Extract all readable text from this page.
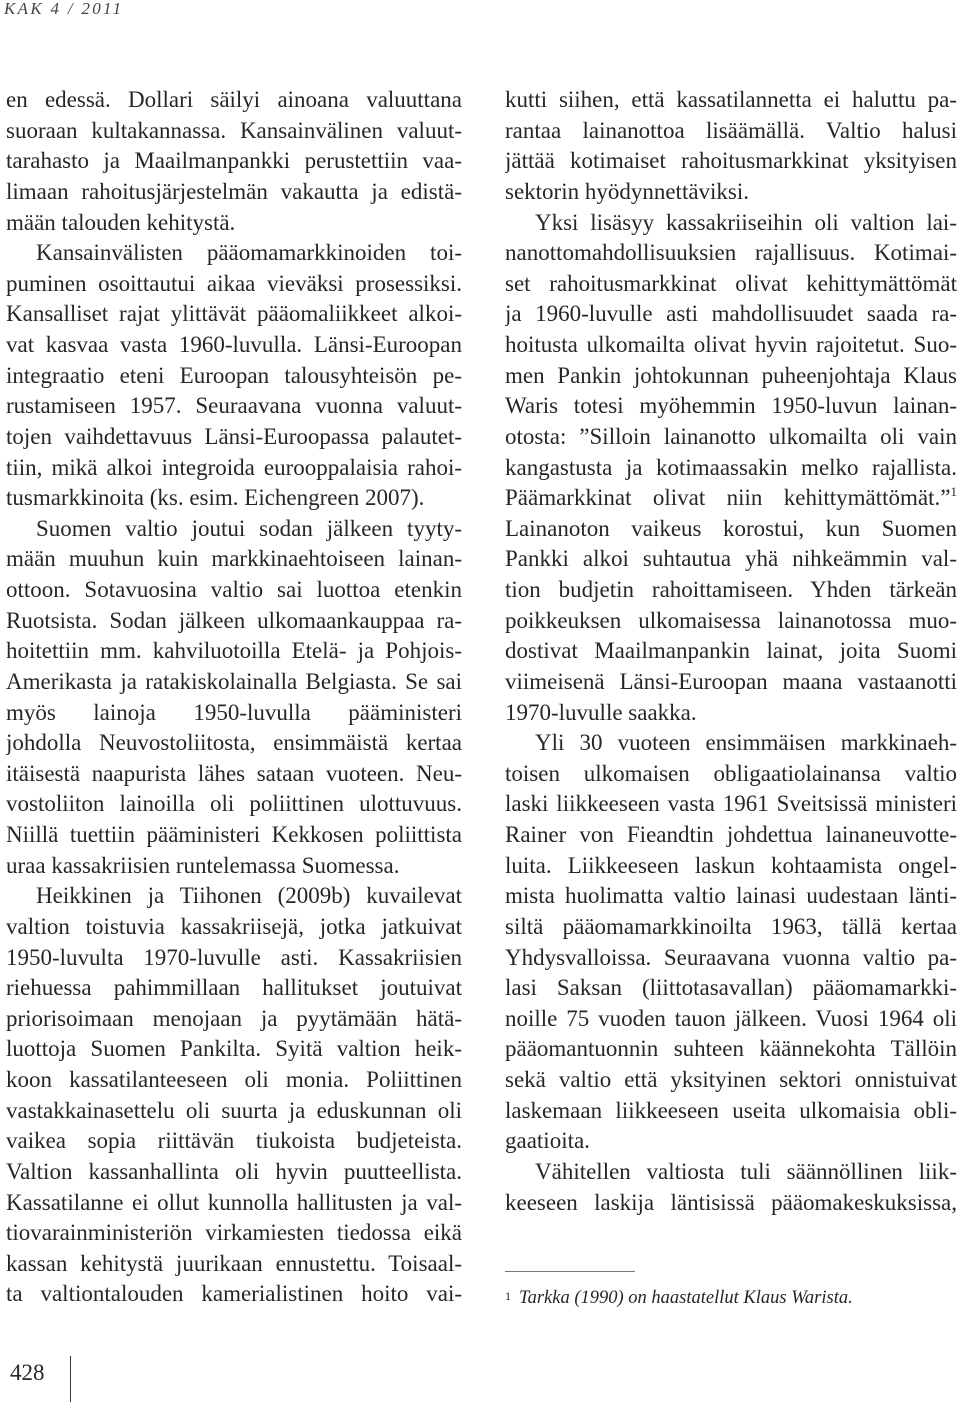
KAK 4 / 2011
en edessä. Dollari säilyi ainoana valuuttana
suoraan kultakannassa. Kansainvälinen valuut-
tarahasto ja Maailmanpankki perustettiin vaa-
limaan rahoitusjärjestelmän vakautta ja edistä-
mään talouden kehitystä.
Kansainvälisten pääomamarkkinoiden toi-
puminen osoittautui aikaa vieväksi prosessiksi.
Kansalliset rajat ylittävät pääomaliikkeet alkoi-
vat kasvaa vasta 1960-luvulla. Länsi-Euroopan
integraatio eteni Euroopan talousyhteisön pe-
rustamiseen 1957. Seuraavana vuonna valuut-
tojen vaihdettavuus Länsi-Euroopassa palautet-
tiin, mikä alkoi integroida eurooppalaisia rahoi-
tusmarkkinoita (ks. esim. Eichengreen 2007).
Suomen valtio joutui sodan jälkeen tyyty-
mään muuhun kuin markkinaehtoiseen lainan-
ottoon. Sotavuosina valtio sai luottoa etenkin
Ruotsista. Sodan jälkeen ulkomaankauppaa ra-
hoitettiin mm. kahviluotoilla Etelä- ja Pohjois-
Amerikasta ja ratakiskolainalla Belgiasta. Se sai
myös lainoja 1950-luvulla pääministeri
johdolla Neuvostoliitosta, ensimmäistä kertaa
itäisestä naapurista lähes sataan vuoteen. Neu-
vostoliiton lainoilla oli poliittinen ulottuvuus.
Niillä tuettiin pääministeri Kekkosen poliittista
uraa kassakriisien runtelemassa Suomessa.
Heikkinen ja Tiihonen (2009b) kuvailevat
valtion toistuvia kassakriisejä, jotka jatkuivat
1950-luvulta 1970-luvulle asti. Kassakriisien
riehuessa pahimmillaan hallitukset joutuivat
priorisoimaan menojaan ja pyytämään hätä-
luottoja Suomen Pankilta. Syitä valtion heik-
koon kassatilanteeseen oli monia. Poliittinen
vastakkainasettelu oli suurta ja eduskunnan oli
vaikea sopia riittävän tiukoista budjeteista.
Valtion kassanhallinta oli hyvin puutteellista.
Kassatilanne ei ollut kunnolla hallitusten ja val-
tiovarainministeriön virkamiesten tiedossa eikä
kassan kehitystä juurikaan ennustettu. Toisaal-
ta valtiontalouden kamerialistinen hoito vai-
kutti siihen, että kassatilannetta ei haluttu pa-
rantaa lainanottoa lisäämällä. Valtio halusi
jättää kotimaiset rahoitusmarkkinat yksityisen
sektorin hyödynnettäviksi.
Yksi lisäsyy kassakriiseihin oli valtion lai-
nanottomahdollisuuksien rajallisuus. Kotimai-
set rahoitusmarkkinat olivat kehittymättömät
ja 1960-luvulle asti mahdollisuudet saada ra-
hoitusta ulkomailta olivat hyvin rajoitetut. Suo-
men Pankin johtokunnan puheenjohtaja Klaus
Waris totesi myöhemmin 1950-luvun lainan-
otosta: ”Silloin lainanotto ulkomailta oli vain
kangastusta ja kotimaassakin melko rajallista.
Päämarkkinat olivat niin kehittymättömät.”$^1$
Lainanoton vaikeus korostui, kun Suomen
Pankki alkoi suhtautua yhä nihkeämmin val-
tion budjetin rahoittamiseen. Yhden tärkeän
poikkeuksen ulkomaisessa lainanotossa muo-
dostivat Maailmanpankin lainat, joita Suomi
viimeisenä Länsi-Euroopan maana vastaanotti
1970-luvulle saakka.
Yli 30 vuoteen ensimmäisen markkinaeh-
toisen ulkomaisen obligaatiolainansa valtio
laski liikkeeseen vasta 1961 Sveitsissä ministeri
Rainer von Fieandtin johdettua lainaneuvotte-
luita. Liikkeeseen laskun kohtaamista ongel-
mista huolimatta valtio lainasi uudestaan länti-
siltä pääomamarkkinoilta 1963, tällä kertaa
Yhdysvalloissa. Seuraavana vuonna valtio pa-
lasi Saksan (liittotasavallan) pääomamarkki-
noille 75 vuoden tauon jälkeen. Vuosi 1964 oli
pääomantuonnin suhteen käännekohta Tällöin
sekä valtio että yksityinen sektori onnistuivat
laskemaan liikkeeseen useita ulkomaisia obli-
gaatioita.
Vähitellen valtiosta tuli säännöllinen liik-
keeseen laskija läntisissä pääomakeskuksissa,
$^1$ Tarkka (1990) on haastatellut Klaus Warista.
428
